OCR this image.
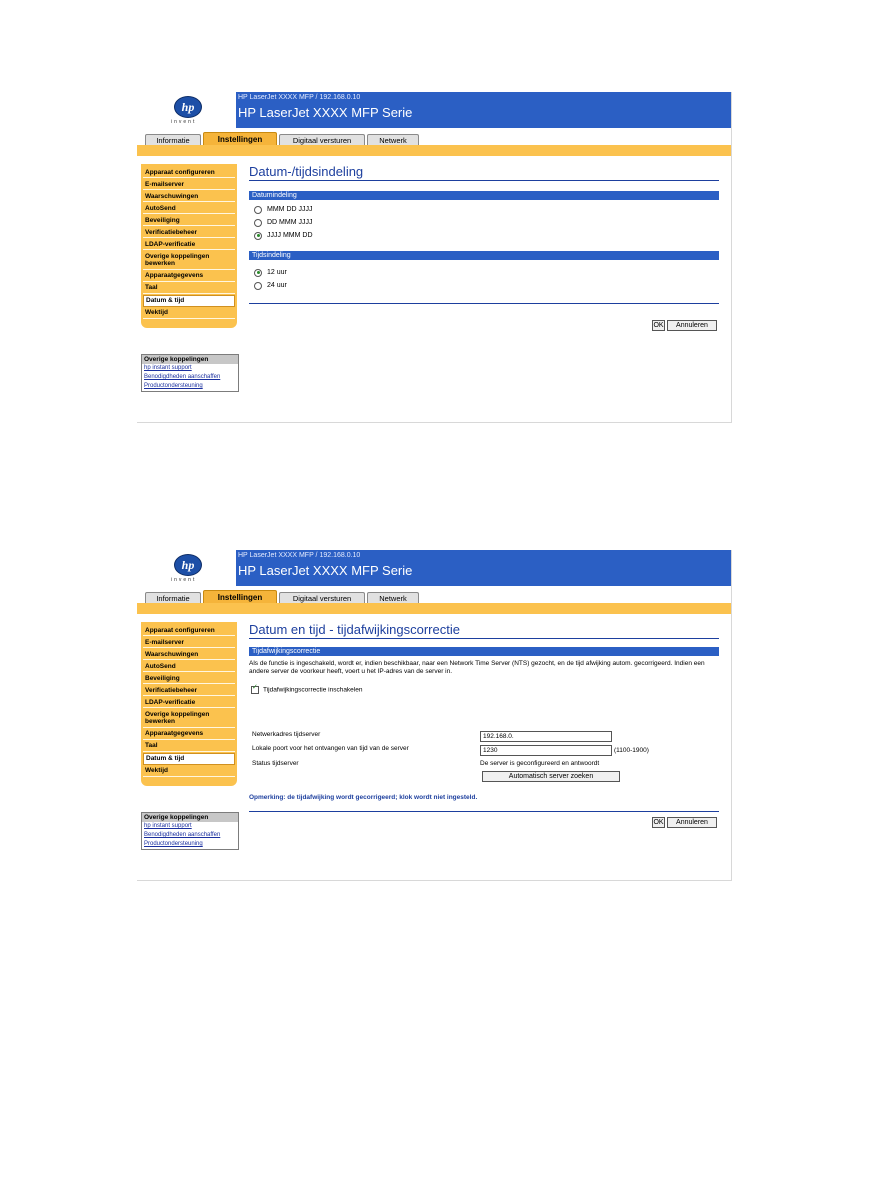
hp
invent
HP LaserJet XXXX MFP / 192.168.0.10
HP LaserJet XXXX MFP Serie
Informatie	Instellingen	Digitaal versturen	Netwerk
Apparaat configureren
E-mailserver
Waarschuwingen
AutoSend
Beveiliging
Verificatiebeheer
LDAP-verificatie
Overige koppelingen bewerken
Apparaatgegevens
Taal
Datum & tijd
Wektijd
Overige koppelingen
hp instant support
Benodigdheden aanschaffen
Productondersteuning
Datum-/tijdsindeling
Datumindeling
MMM DD JJJJ
DD MMM JJJJ
JJJJ MMM DD
Tijdsindeling
12 uur
24 uur
OK	Annuleren
hp
invent
HP LaserJet XXXX MFP / 192.168.0.10
HP LaserJet XXXX MFP Serie
Informatie	Instellingen	Digitaal versturen	Netwerk
Apparaat configureren
E-mailserver
Waarschuwingen
AutoSend
Beveiliging
Verificatiebeheer
LDAP-verificatie
Overige koppelingen bewerken
Apparaatgegevens
Taal
Datum & tijd
Wektijd
Overige koppelingen
hp instant support
Benodigdheden aanschaffen
Productondersteuning
Datum en tijd - tijdafwijkingscorrectie
Tijdafwijkingscorrectie
Als de functie is ingeschakeld, wordt er, indien beschikbaar, naar een Network Time Server (NTS) gezocht, en de tijd afwijking autom. gecorrigeerd. Indien een andere server de voorkeur heeft, voert u het IP-adres van de server in.
✓Tijdafwijkingscorrectie inschakelen
Netwerkadres tijdserver	192.168.0.
Lokale poort voor het ontvangen van tijd van de server	1230	(1100-1900)
Status tijdserver	De server is geconfigureerd en antwoordt
Automatisch server zoeken
Opmerking: de tijdafwijking wordt gecorrigeerd; klok wordt niet ingesteld.
OK	Annuleren
